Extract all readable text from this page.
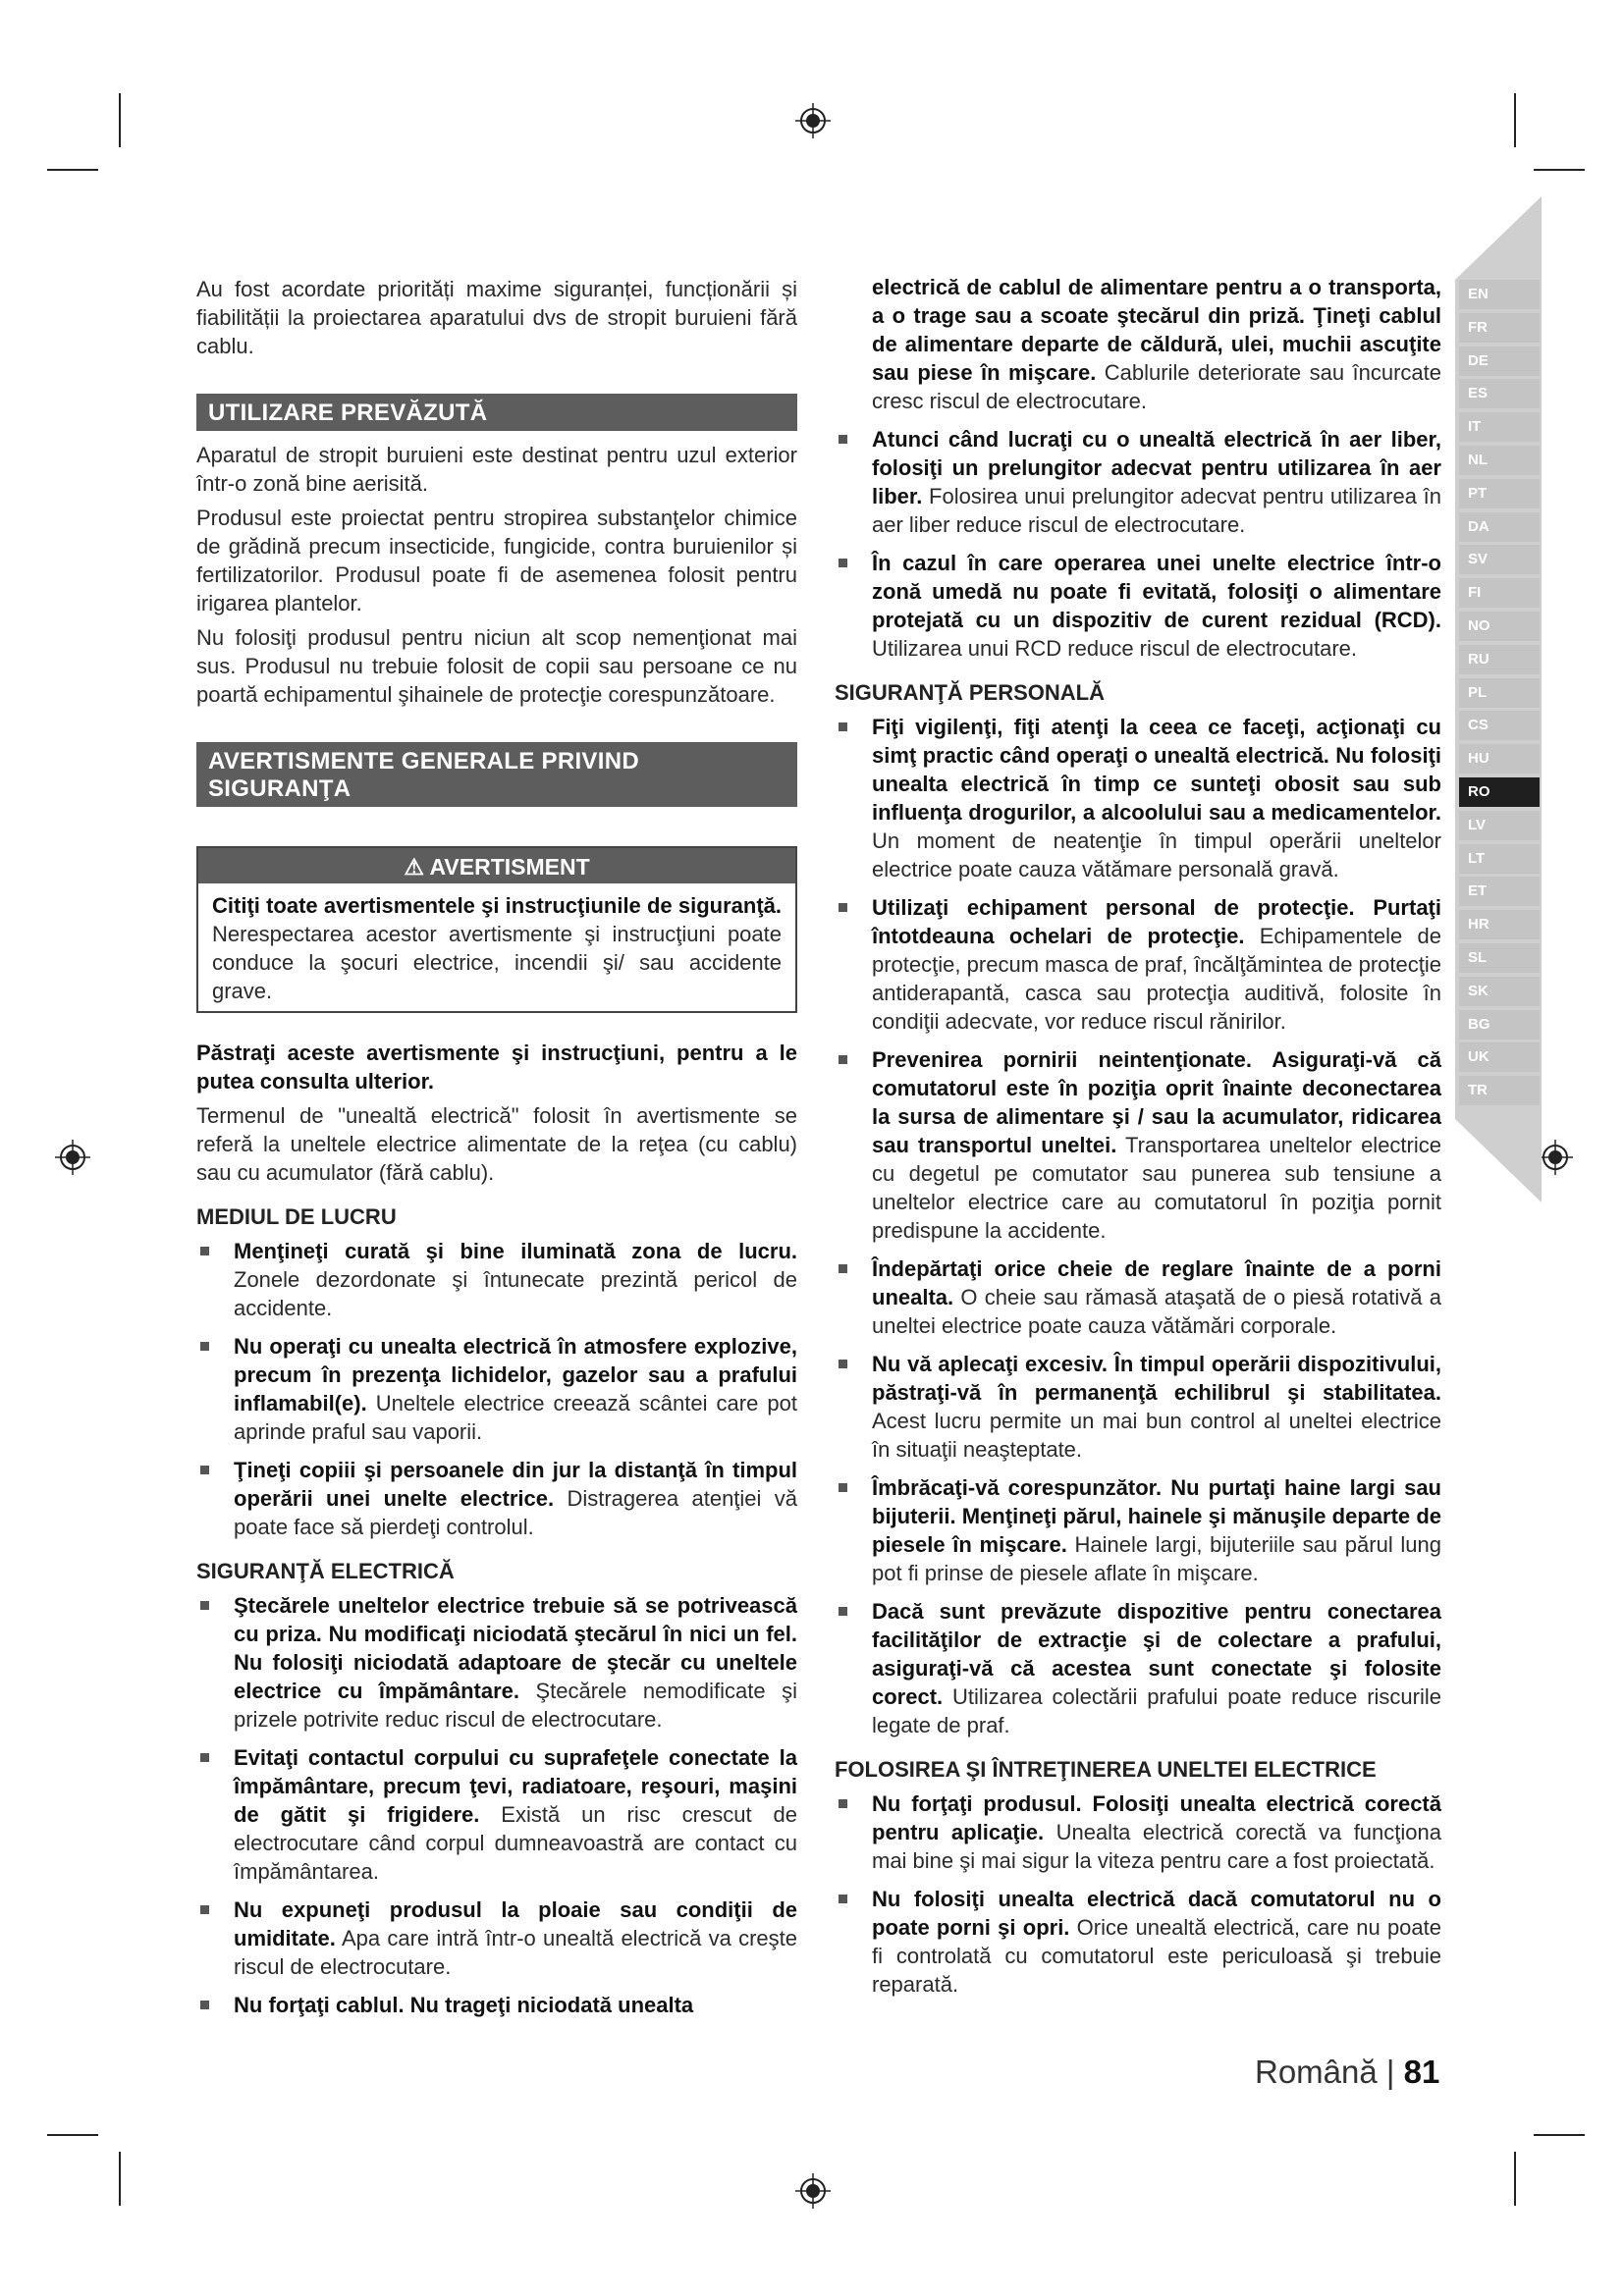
EN
FR
DE
ES
IT
NL
PT
DA
SV
FI
NO
RU
PL
CS
HU
RO
LV
LT
ET
HR
SL
SK
BG
UK
TR

Au fost acordate priorități maxime siguranței, funcționării și fiabilității la proiectarea aparatului dvs de stropit buruieni fără cablu.

UTILIZARE PREVĂZUTĂ

Aparatul de stropit buruieni este destinat pentru uzul exterior într-o zonă bine aerisită.

Produsul este proiectat pentru stropirea substanţelor chimice de grădină precum insecticide, fungicide, contra buruienilor și fertilizatorilor. Produsul poate fi de asemenea folosit pentru irigarea plantelor.

Nu folosiţi produsul pentru niciun alt scop nemenţionat mai sus. Produsul nu trebuie folosit de copii sau persoane ce nu poartă echipamentul şihainele de protecţie corespunzătoare.

AVERTISMENTE GENERALE PRIVIND SIGURANŢA
⚠ AVERTISMENT
Citiţi toate avertismentele şi instrucţiunile de siguranţă. Nerespectarea acestor avertismente şi instrucţiuni poate conduce la şocuri electrice, incendii şi/ sau accidente grave.

Păstraţi aceste avertismente şi instrucţiuni, pentru a le putea consulta ulterior.

Termenul de "unealtă electrică" folosit în avertismente se referă la uneltele electrice alimentate de la reţea (cu cablu) sau cu acumulator (fără cablu).

MEDIUL DE LUCRU
Menţineţi curată şi bine iluminată zona de lucru. Zonele dezordonate şi întunecate prezintă pericol de accidente.
Nu operaţi cu unealta electrică în atmosfere explozive, precum în prezenţa lichidelor, gazelor sau a prafului inflamabil(e). Uneltele electrice creează scântei care pot aprinde praful sau vaporii.
Ţineţi copiii şi persoanele din jur la distanţă în timpul operării unei unelte electrice. Distragerea atenţiei vă poate face să pierdeţi controlul.
SIGURANŢĂ ELECTRICĂ
Ştecărele uneltelor electrice trebuie să se potrivească cu priza. Nu modificaţi niciodată ştecărul în nici un fel. Nu folosiţi niciodată adaptoare de ştecăr cu uneltele electrice cu împământare. Ştecărele nemodificate şi prizele potrivite reduc riscul de electrocutare.
Evitaţi contactul corpului cu suprafeţele conectate la împământare, precum ţevi, radiatoare, reşouri, maşini de gătit şi frigidere. Există un risc crescut de electrocutare când corpul dumneavoastră are contact cu împământarea.
Nu expuneţi produsul la ploaie sau condiţii de umiditate. Apa care intră într-o unealtă electrică va creşte riscul de electrocutare.
Nu forţaţi cablul. Nu trageţi niciodată unealta
electrică de cablul de alimentare pentru a o transporta, a o trage sau a scoate ştecărul din priză. Ţineţi cablul de alimentare departe de căldură, ulei, muchii ascuţite sau piese în mişcare. Cablurile deteriorate sau încurcate cresc riscul de electrocutare.
Atunci când lucraţi cu o unealtă electrică în aer liber, folosiţi un prelungitor adecvat pentru utilizarea în aer liber. Folosirea unui prelungitor adecvat pentru utilizarea în aer liber reduce riscul de electrocutare.
În cazul în care operarea unei unelte electrice într-o zonă umedă nu poate fi evitată, folosiţi o alimentare protejată cu un dispozitiv de curent rezidual (RCD). Utilizarea unui RCD reduce riscul de electrocutare.
SIGURANŢĂ PERSONALĂ
Fiţi vigilenţi, fiţi atenţi la ceea ce faceţi, acţionaţi cu simţ practic când operaţi o unealtă electrică. Nu folosiţi unealta electrică în timp ce sunteţi obosit sau sub influenţa drogurilor, a alcoolului sau a medicamentelor. Un moment de neatenţie în timpul operării uneltelor electrice poate cauza vătămare personală gravă.
Utilizaţi echipament personal de protecţie. Purtaţi întotdeauna ochelari de protecţie. Echipamentele de protecţie, precum masca de praf, încălţămintea de protecţie antiderapantă, casca sau protecţia auditivă, folosite în condiţii adecvate, vor reduce riscul rănirilor.
Prevenirea pornirii neintenţionate. Asiguraţi-vă că comutatorul este în poziţia oprit înainte deconectarea la sursa de alimentare şi / sau la acumulator, ridicarea sau transportul uneltei. Transportarea uneltelor electrice cu degetul pe comutator sau punerea sub tensiune a uneltelor electrice care au comutatorul în poziţia pornit predispune la accidente.
Îndepărtaţi orice cheie de reglare înainte de a porni unealta. O cheie sau rămasă ataşată de o piesă rotativă a uneltei electrice poate cauza vătămări corporale.
Nu vă aplecaţi excesiv. În timpul operării dispozitivului, păstraţi-vă în permanenţă echilibrul şi stabilitatea. Acest lucru permite un mai bun control al uneltei electrice în situaţii neaşteptate.
Îmbrăcaţi-vă corespunzător. Nu purtaţi haine largi sau bijuterii. Menţineţi părul, hainele şi mănuşile departe de piesele în mişcare. Hainele largi, bijuteriile sau părul lung pot fi prinse de piesele aflate în mişcare.
Dacă sunt prevăzute dispozitive pentru conectarea facilităţilor de extracţie şi de colectare a prafului, asiguraţi-vă că acestea sunt conectate şi folosite corect. Utilizarea colectării prafului poate reduce riscurile legate de praf.
FOLOSIREA ŞI ÎNTREŢINEREA UNELTEI ELECTRICE
Nu forţaţi produsul. Folosiţi unealta electrică corectă pentru aplicaţie. Unealta electrică corectă va funcţiona mai bine şi mai sigur la viteza pentru care a fost proiectată.
Nu folosiţi unealta electrică dacă comutatorul nu o poate porni şi opri. Orice unealtă electrică, care nu poate fi controlată cu comutatorul este periculoasă şi trebuie reparată.
Română | 81
